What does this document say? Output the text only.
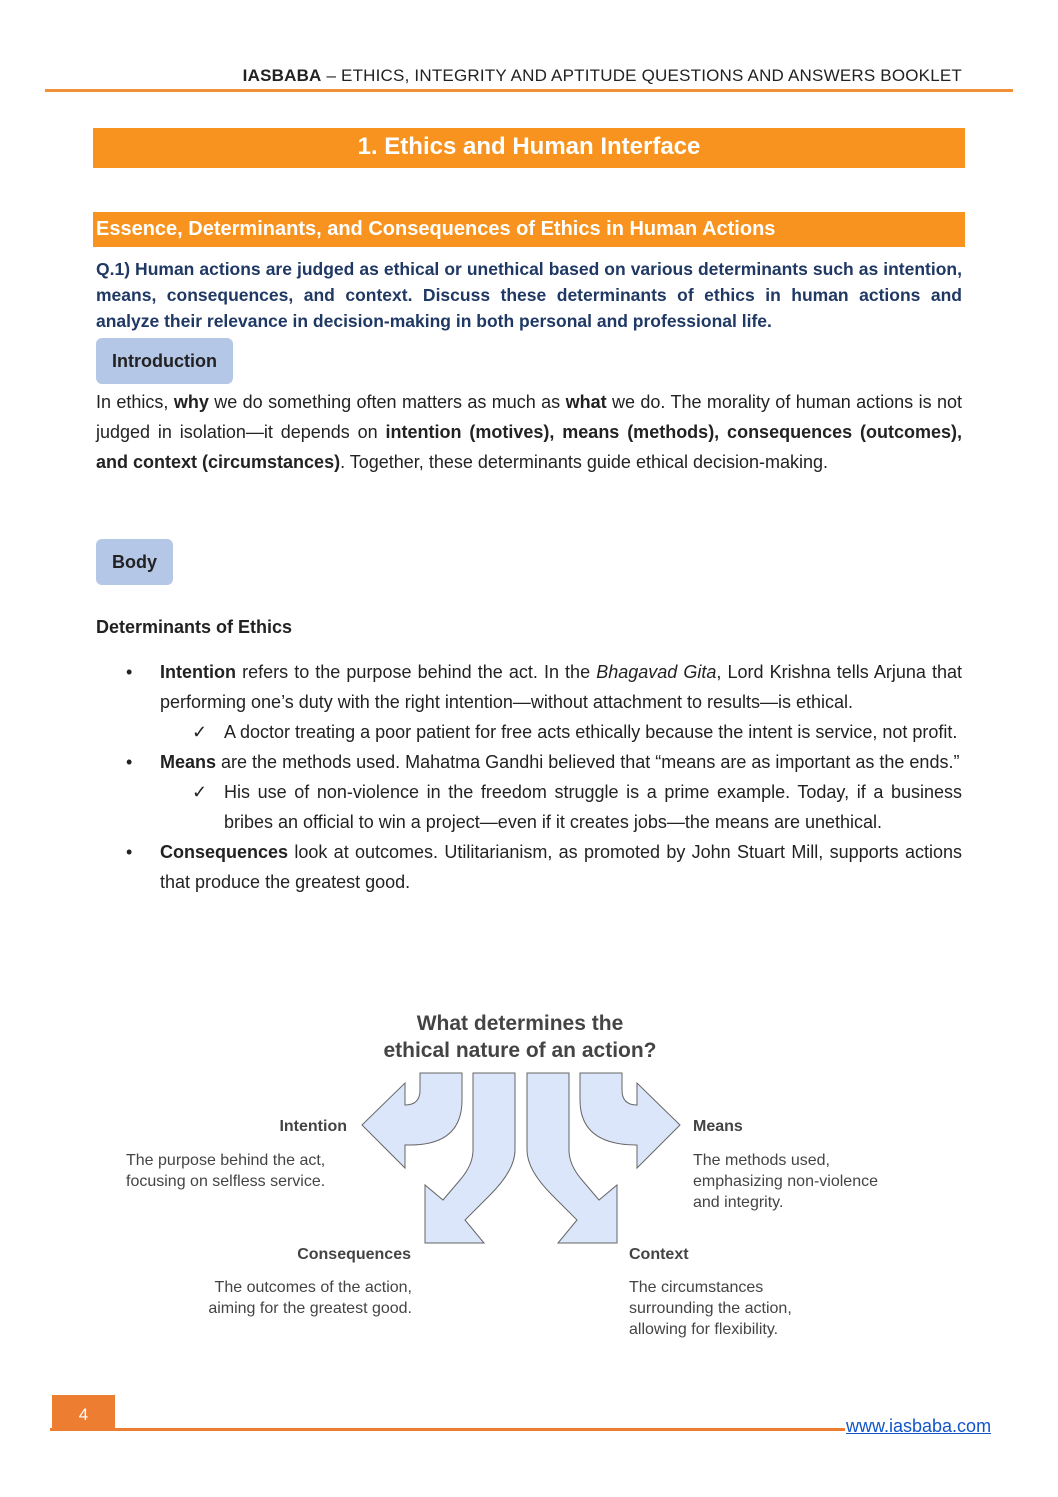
IASBABA – ETHICS, INTEGRITY AND APTITUDE QUESTIONS AND ANSWERS BOOKLET
1. Ethics and Human Interface
Essence, Determinants, and Consequences of Ethics in Human Actions
Q.1) Human actions are judged as ethical or unethical based on various determinants such as intention, means, consequences, and context. Discuss these determinants of ethics in human actions and analyze their relevance in decision-making in both personal and professional life.
Introduction
In ethics, why we do something often matters as much as what we do. The morality of human actions is not judged in isolation—it depends on intention (motives), means (methods), consequences (outcomes), and context (circumstances). Together, these determinants guide ethical decision-making.
Body
Determinants of Ethics
• Intention refers to the purpose behind the act. In the Bhagavad Gita, Lord Krishna tells Arjuna that performing one’s duty with the right intention—without attachment to results—is ethical.
✓ A doctor treating a poor patient for free acts ethically because the intent is service, not profit.
• Means are the methods used. Mahatma Gandhi believed that “means are as important as the ends.”
✓ His use of non-violence in the freedom struggle is a prime example. Today, if a business bribes an official to win a project—even if it creates jobs—the means are unethical.
• Consequences look at outcomes. Utilitarianism, as promoted by John Stuart Mill, supports actions that produce the greatest good.
What determines the
ethical nature of an action?
Intention
The purpose behind the act,
focusing on selfless service.
Means
The methods used,
emphasizing non-violence
and integrity.
Consequences
The outcomes of the action,
aiming for the greatest good.
Context
The circumstances
surrounding the action,
allowing for flexibility.
4
www.iasbaba.com
